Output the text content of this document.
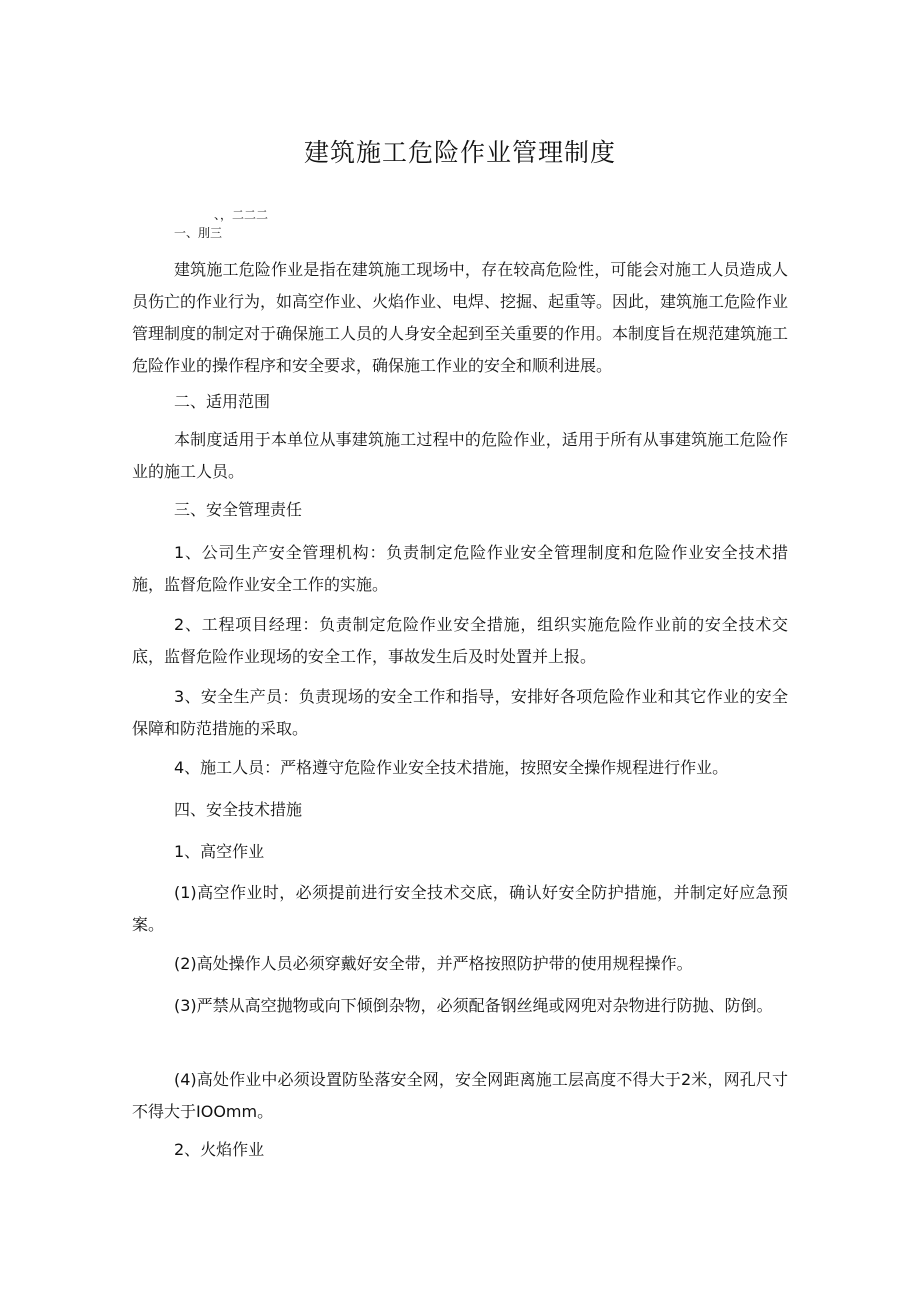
建筑施工危险作业管理制度
、，二二二
一、刖三

建筑施工危险作业是指在建筑施工现场中，存在较高危险性，可能会对施工人员造成人员伤亡的作业行为，如高空作业、火焰作业、电焊、挖掘、起重等。因此，建筑施工危险作业管理制度的制定对于确保施工人员的人身安全起到至关重要的作用。本制度旨在规范建筑施工危险作业的操作程序和安全要求，确保施工作业的安全和顺利进展。

二、适用范围

本制度适用于本单位从事建筑施工过程中的危险作业，适用于所有从事建筑施工危险作业的施工人员。

三、安全管理责任

1、公司生产安全管理机构：负责制定危险作业安全管理制度和危险作业安全技术措施，监督危险作业安全工作的实施。

2、工程项目经理：负责制定危险作业安全措施，组织实施危险作业前的安全技术交底，监督危险作业现场的安全工作，事故发生后及时处置并上报。

3、安全生产员：负责现场的安全工作和指导，安排好各项危险作业和其它作业的安全保障和防范措施的采取。

4、施工人员：严格遵守危险作业安全技术措施，按照安全操作规程进行作业。

四、安全技术措施
1、高空作业

(1)高空作业时，必须提前进行安全技术交底，确认好安全防护措施，并制定好应急预案。

(2)高处操作人员必须穿戴好安全带，并严格按照防护带的使用规程操作。

(3)严禁从高空抛物或向下倾倒杂物，必须配备钢丝绳或网兜对杂物进行防抛、防倒。

(4)高处作业中必须设置防坠落安全网，安全网距离施工层高度不得大于2米，网孔尺寸不得大于IOOmm。

2、火焰作业
